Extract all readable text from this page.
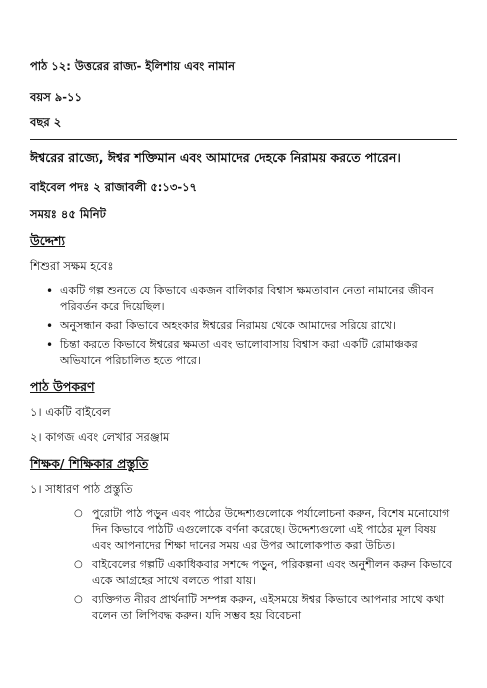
পাঠ ১২: উত্তরের রাজ্য- ইলিশায় এবং নামান
বয়স ৯-১১
বছর ২
ঈশ্বরের রাজ্যে, ঈশ্বর শক্তিমান এবং আমাদের দেহকে নিরাময় করতে পারেন।
বাইবেল পদঃ ২ রাজাবলী ৫:১৩-১৭
সময়ঃ ৪৫ মিনিট
উদ্দেশ্য
শিশুরা সক্ষম হবেঃ
• একটি গল্প শুনতে যে কিভাবে একজন বালিকার বিশ্বাস ক্ষমতাবান নেতা নামানের জীবন পরিবর্তন করে দিয়েছিল।
• অনুসন্ধান করা কিভাবে অহংকার ঈশ্বরের নিরাময় থেকে আমাদের সরিয়ে রাখে।
• চিন্তা করতে কিভাবে ঈশ্বরের ক্ষমতা এবং ভালোবাসায় বিশ্বাস করা একটি রোমাঞ্চকর অভিযানে পরিচালিত হতে পারে।
পাঠ উপকরণ
১। একটি বাইবেল
২। কাগজ এবং লেখার সরঞ্জাম
শিক্ষক/ শিক্ষিকার প্রস্তুতি
১। সাধারণ পাঠ প্রস্তুতি
○ পুরোটা পাঠ পড়ুন এবং পাঠের উদ্দেশ্যগুলোকে পর্যালোচনা করুন, বিশেষ মনোযোগ দিন কিভাবে পাঠটি এগুলোকে বর্ণনা করেছে। উদ্দেশ্যগুলো এই পাঠের মূল বিষয় এবং আপনাদের শিক্ষা দানের সময় এর উপর আলোকপাত করা উচিত।
○ বাইবেলের গল্পটি একাধিকবার সশব্দে পড়ুন, পরিকল্পনা এবং অনুশীলন করুন কিভাবে একে আগ্রহের সাথে বলতে পারা যায়।
○ ব্যক্তিগত নীরব প্রার্থনাটি সম্পন্ন করুন, এইসময়ে ঈশ্বর কিভাবে আপনার সাথে কথা বলেন তা লিপিবদ্ধ করুন। যদি সম্ভব হয় বিবেচনা
